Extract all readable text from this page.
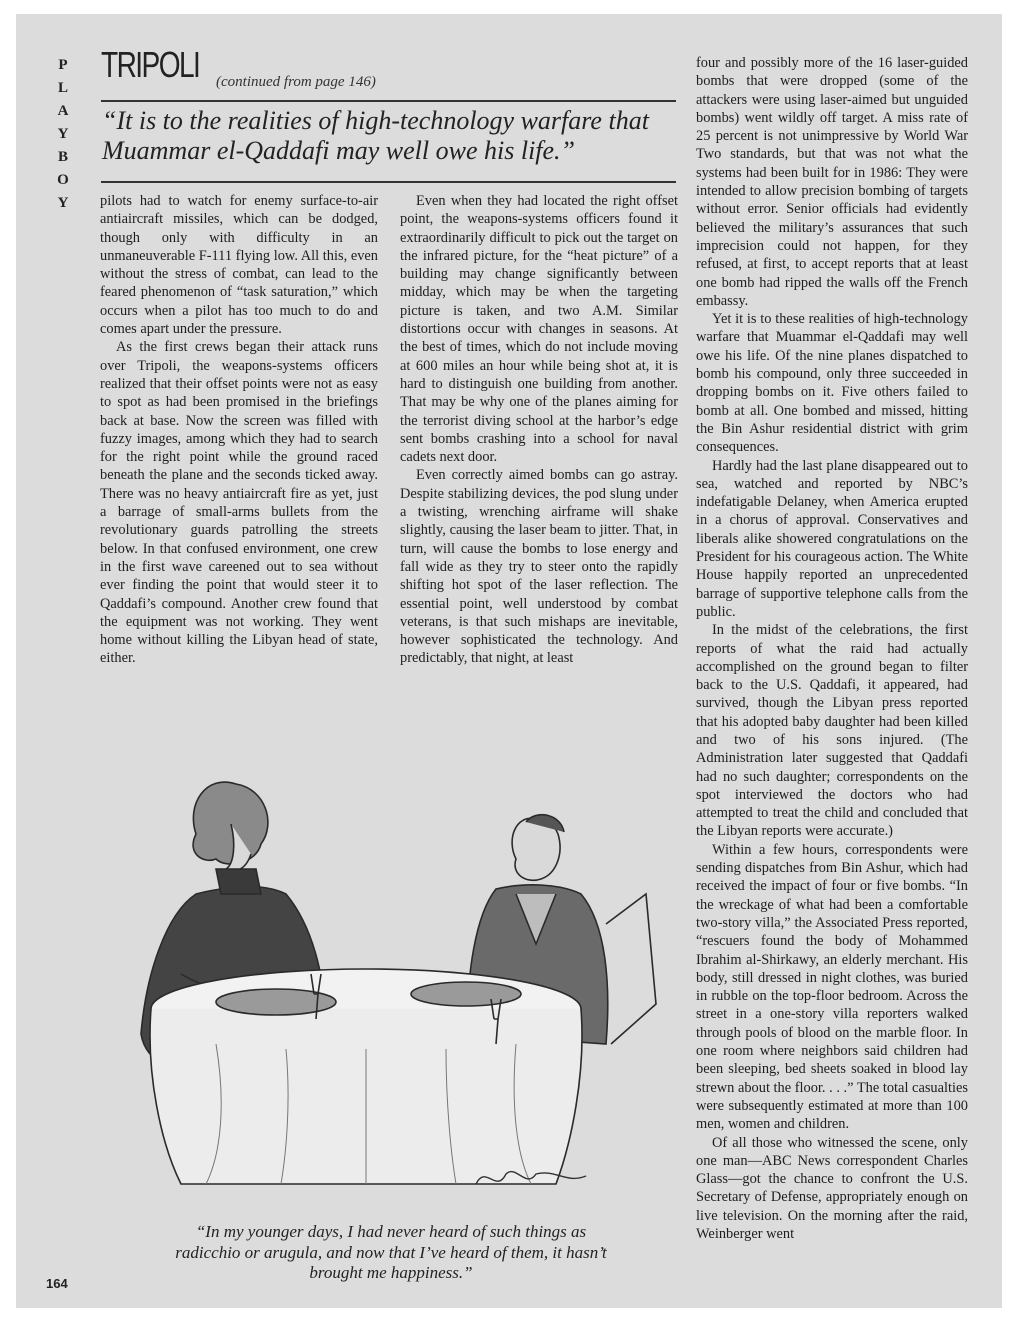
P
L
A
Y
B
O
Y
TRIPOLI (continued from page 146)
“It is to the realities of high-technology warfare that Muammar el-Qaddafi may well owe his life.”

pilots had to watch for enemy surface-to-air antiaircraft missiles, which can be dodged, though only with difficulty in an unmaneuverable F-111 flying low. All this, even without the stress of combat, can lead to the feared phenomenon of “task saturation,” which occurs when a pilot has too much to do and comes apart under the pressure.

As the first crews began their attack runs over Tripoli, the weapons-systems officers realized that their offset points were not as easy to spot as had been promised in the briefings back at base. Now the screen was filled with fuzzy images, among which they had to search for the right point while the ground raced beneath the plane and the seconds ticked away. There was no heavy antiaircraft fire as yet, just a barrage of small-arms bullets from the revolutionary guards patrolling the streets below. In that confused environment, one crew in the first wave careened out to sea without ever finding the point that would steer it to Qaddafi’s compound. Another crew found that the equipment was not working. They went home without killing the Libyan head of state, either.

Even when they had located the right offset point, the weapons-systems officers found it extraordinarily difficult to pick out the target on the infrared picture, for the “heat picture” of a building may change significantly between midday, which may be when the targeting picture is taken, and two A.M. Similar distortions occur with changes in seasons. At the best of times, which do not include moving at 600 miles an hour while being shot at, it is hard to distinguish one building from another. That may be why one of the planes aiming for the terrorist diving school at the harbor’s edge sent bombs crashing into a school for naval cadets next door.

Even correctly aimed bombs can go astray. Despite stabilizing devices, the pod slung under a twisting, wrenching airframe will shake slightly, causing the laser beam to jitter. That, in turn, will cause the bombs to lose energy and fall wide as they try to steer onto the rapidly shifting hot spot of the laser reflection. The essential point, well understood by combat veterans, is that such mishaps are inevitable, however sophisticated the technology. And predictably, that night, at least

four and possibly more of the 16 laser-guided bombs that were dropped (some of the attackers were using laser-aimed but unguided bombs) went wildly off target. A miss rate of 25 percent is not unimpressive by World War Two standards, but that was not what the systems had been built for in 1986: They were intended to allow precision bombing of targets without error. Senior officials had evidently believed the military’s assurances that such imprecision could not happen, for they refused, at first, to accept reports that at least one bomb had ripped the walls off the French embassy.

Yet it is to these realities of high-technology warfare that Muammar el-Qaddafi may well owe his life. Of the nine planes dispatched to bomb his compound, only three succeeded in dropping bombs on it. Five others failed to bomb at all. One bombed and missed, hitting the Bin Ashur residential district with grim consequences.

Hardly had the last plane disappeared out to sea, watched and reported by NBC’s indefatigable Delaney, when America erupted in a chorus of approval. Conservatives and liberals alike showered congratulations on the President for his courageous action. The White House happily reported an unprecedented barrage of supportive telephone calls from the public.

In the midst of the celebrations, the first reports of what the raid had actually accomplished on the ground began to filter back to the U.S. Qaddafi, it appeared, had survived, though the Libyan press reported that his adopted baby daughter had been killed and two of his sons injured. (The Administration later suggested that Qaddafi had no such daughter; correspondents on the spot interviewed the doctors who had attempted to treat the child and concluded that the Libyan reports were accurate.)

Within a few hours, correspondents were sending dispatches from Bin Ashur, which had received the impact of four or five bombs. “In the wreckage of what had been a comfortable two-story villa,” the Associated Press reported, “rescuers found the body of Mohammed Ibrahim al-Shirkawy, an elderly merchant. His body, still dressed in night clothes, was buried in rubble on the top-floor bedroom. Across the street in a one-story villa reporters walked through pools of blood on the marble floor. In one room where neighbors said children had been sleeping, bed sheets soaked in blood lay strewn about the floor. . . .” The total casualties were subsequently estimated at more than 100 men, women and children.

Of all those who witnessed the scene, only one man—ABC News correspondent Charles Glass—got the chance to confront the U.S. Secretary of Defense, appropriately enough on live television. On the morning after the raid, Weinberger went

“In my younger days, I had never heard of such things as radicchio or arugula, and now that I’ve heard of them, it hasn’t brought me happiness.”
164
